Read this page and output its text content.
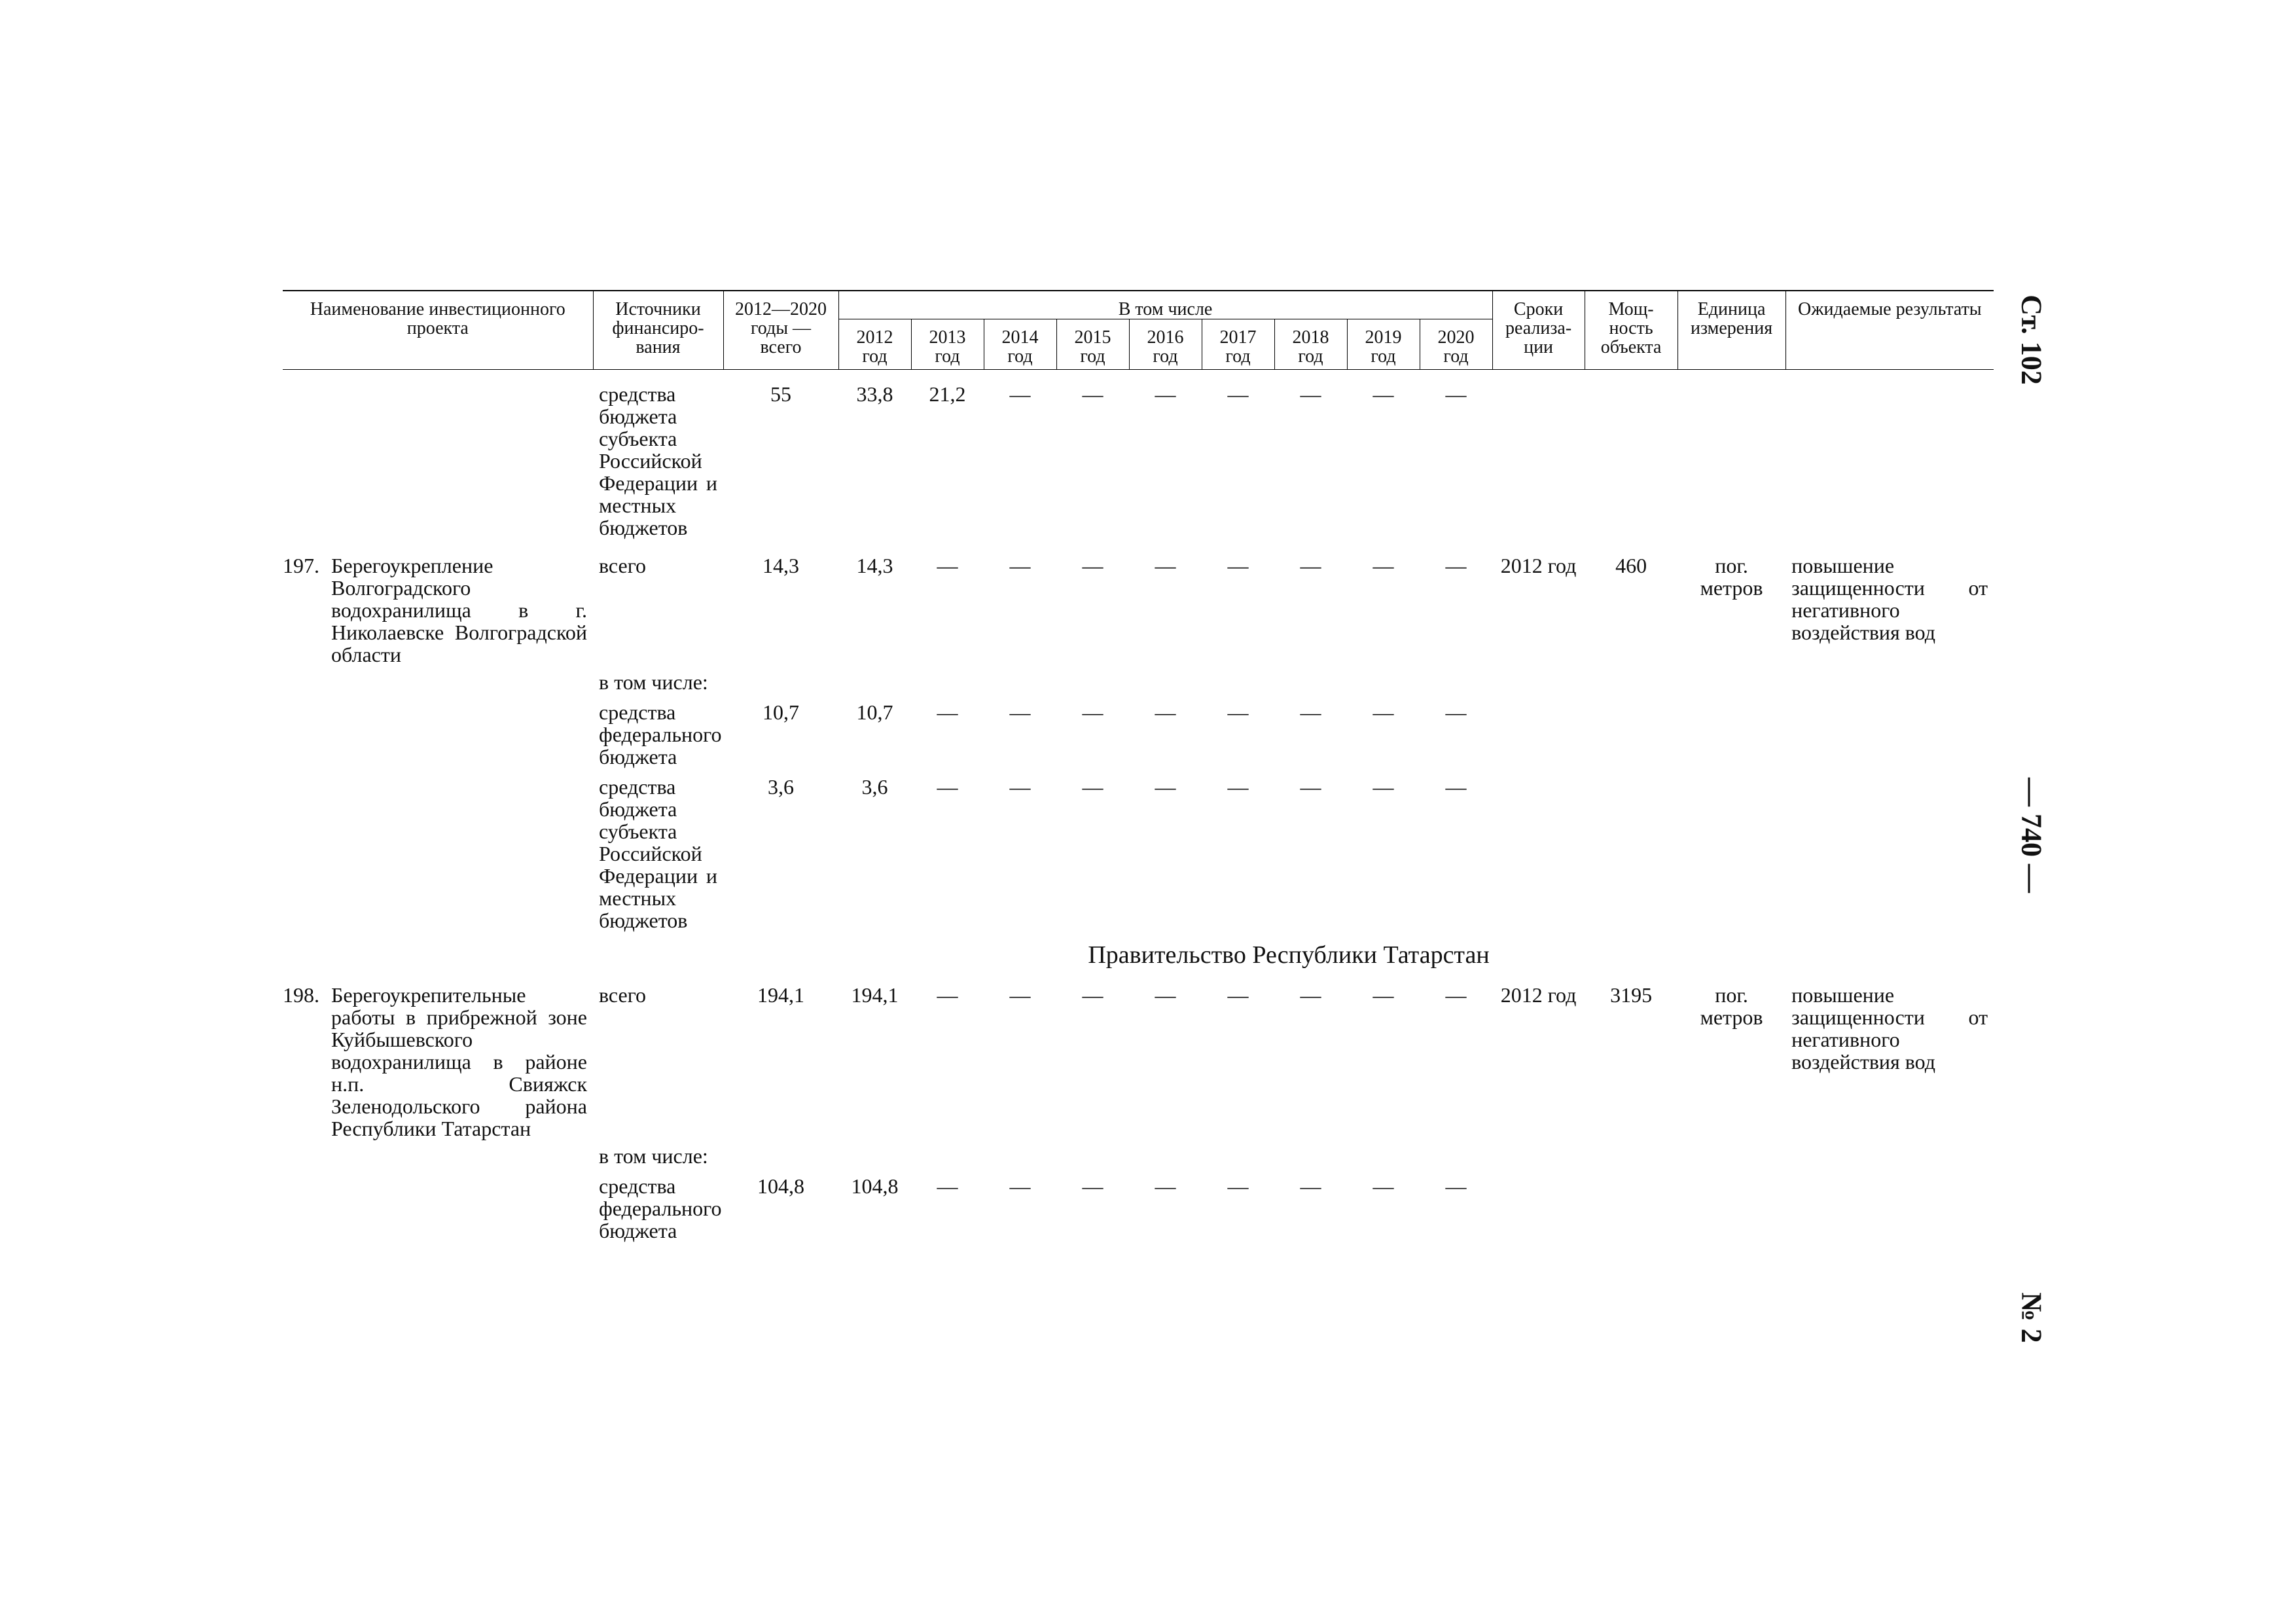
Наименование инвестиционного проекта	Источники финансиро-вания	2012—2020 годы — всего	В том числе									Сроки реализа-ции	Мощ-ность объекта	Единица измерения	Ожидаемые результаты	
			2012 год	2013 год	2014 год	2015 год	2016 год	2017 год	2018 год	2019 год	2020 год					

	средства бюджета субъекта Российской Федерации и местных бюджетов	55	33,8	21,2	—	—	—	—	—	—	—					

197. Берегоукрепление Волгоградского водохранилища в г. Николаевске Волгоградской области	всего	14,3	14,3	—	—	—	—	—	—	—	—	2012 год	460	пог. метров	повышение защищенности от негативного воздействия вод	

	в том числе:															
	средства федерального бюджета	10,7	10,7	—	—	—	—	—	—	—	—					
	средства бюджета субъекта Российской Федерации и местных бюджетов	3,6	3,6	—	—	—	—	—	—	—	—					
Правительство Республики Татарстан																

198. Берегоукрепительные работы в прибрежной зоне Куйбышевского водохранилища в районе н.п. Свияжск Зеленодольского района Республики Татарстан	всего	194,1	194,1	—	—	—	—	—	—	—	—	2012 год	3195	пог. метров	повышение защищенности от негативного воздействия вод	

	в том числе:															
	средства федерального бюджета	104,8	104,8	—	—	—	—	—	—	—	—					
Ст. 102
— 740 —
№ 2
